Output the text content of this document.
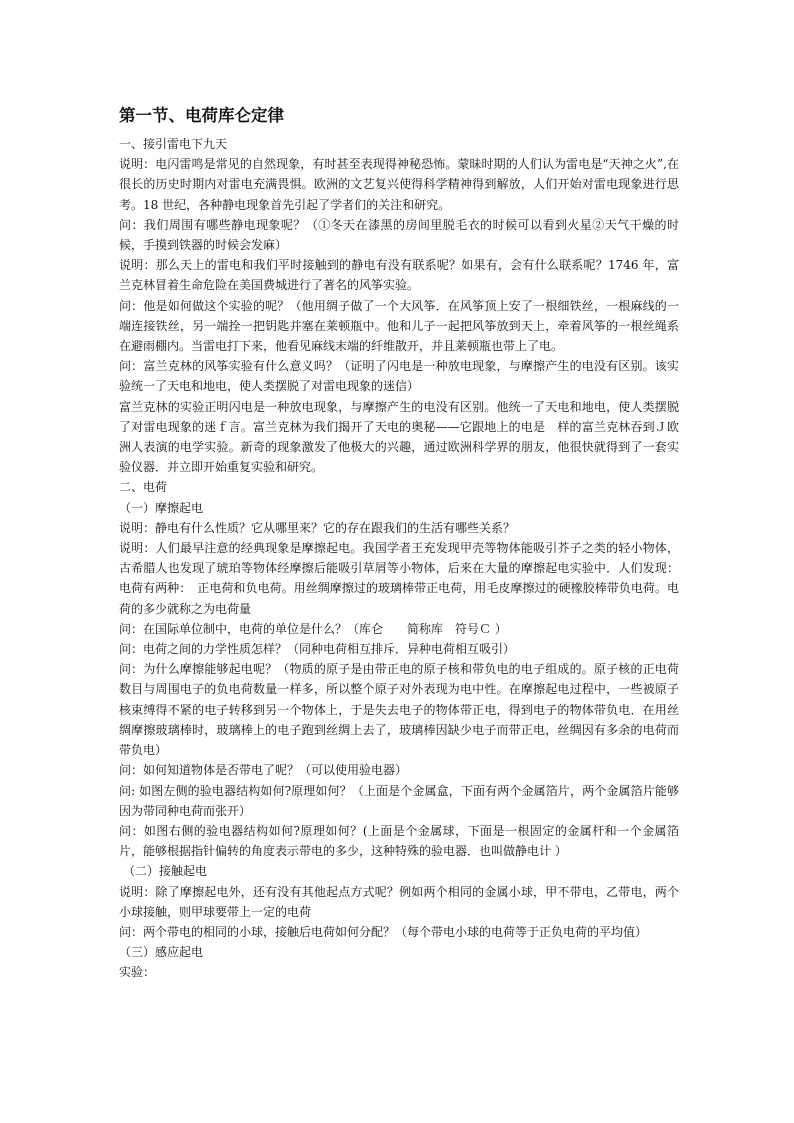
第一节、电荷库仑定律

一、接引雷电下九天

说明：电闪雷鸣是常见的自然现象，有时甚至表现得神秘恐怖。蒙昧时期的人们认为雷电是“天神之火”,在很长的历史时期内对雷电充满畏惧。欧洲的文艺复兴使得科学精神得到解放，人们开始对雷电现象进行思考。18 世纪，各种静电现象首先引起了学者们的关注和研究。

问：我们周围有哪些静电现象呢？（①冬天在漆黑的房间里脱毛衣的时候可以看到火星②天气干燥的时候，手摸到铁器的时候会发麻）

说明：那么天上的雷电和我们平时接触到的静电有没有联系呢？如果有，会有什么联系呢？1746 年，富兰克林冒着生命危险在美国费城进行了著名的风筝实验。

问：他是如何做这个实验的呢？（他用绸子做了一个大风筝．在风筝顶上安了一根细铁丝，一根麻线的一端连接铁丝，另一端拴一把钥匙并塞在莱顿瓶中。他和儿子一起把风筝放到天上，牵着风筝的一根丝绳系在避雨棚内。当雷电打下来，他看见麻线末端的纤维散开，并且莱顿瓶也带上了电。

问：富兰克林的风筝实验有什么意义吗？（证明了闪电是一种放电现象，与摩擦产生的电没有区别。该实验统一了天电和地电，使人类摆脱了对雷电现象的迷信）

富兰克林的实验正明闪电是一种放电现象，与摩擦产生的电没有区别。他统一了天电和地电，使人类摆脱了对雷电现象的迷ｆ言。富兰克林为我们揭开了天电的奥秘——它跟地上的电是　样的富兰克林吞到Ｊ欧洲人表演的电学实验。新奇的现象激发了他极大的兴趣，通过欧洲科学界的朋友，他很快就得到了一套实验仪器．并立即开始重复实验和研究。

二、电荷

（一）摩擦起电

说明：静电有什么性质？它从哪里来？它的存在跟我们的生活有哪些关系？

说明：人们最早注意的经典现象是摩擦起电。我国学者王充发现甲壳等物体能吸引芥子之类的轻小物体，古希腊人也发现了琥珀等物体经摩擦后能吸引草屑等小物体，后来在大量的摩擦起电实验中．人们发现：电荷有两种：　正电荷和负电荷。用丝绸摩擦过的玻璃棒带正电荷，用毛皮摩擦过的硬橡胶棒带负电荷。电荷的多少就称之为电荷量

问：在国际单位制中，电荷的单位是什么？（库仑　　简称库　符号Ｃ ）

问：电荷之间的力学性质怎样？（同种电荷相互排斥．异种电荷相互吸引）

问：为什么摩擦能够起电呢？（物质的原子是由带正电的原子核和带负电的电子组成的。原子核的正电荷数目与周围电子的负电荷数量一样多，所以整个原子对外表现为电中性。在摩擦起电过程中，一些被原子核束缚得不紧的电子转移到另一个物体上，于是失去电子的物体带正电，得到电子的物体带负电．在用丝绸摩擦玻璃棒时，玻璃棒上的电子跑到丝绸上去了，玻璃棒因缺少电子而带正电，丝绸因有多余的电荷而带负电）

问：如何知道物体是否带电了呢？（可以使用验电器）

问: 如图左侧的验电器结构如何?原理如何？（上面是个金属盒，下面有两个金属箔片，两个金属箔片能够因为带同种电荷而张开）

问：如图右侧的验电器结构如何?原理如何？(上面是个金属球，下面是一根固定的金属杆和一个金属箔片，能够根据指针偏转的角度表示带电的多少，这种特殊的验电器．也叫做静电计 ）

（二）接触起电

说明：除了摩擦起电外，还有没有其他起点方式呢？例如两个相同的金属小球，甲不带电，乙带电，两个小球接触，则甲球要带上一定的电荷

问：两个带电的相同的小球，接触后电荷如何分配？（每个带电小球的电荷等于正负电荷的平均值）

（三）感应起电

实验：
